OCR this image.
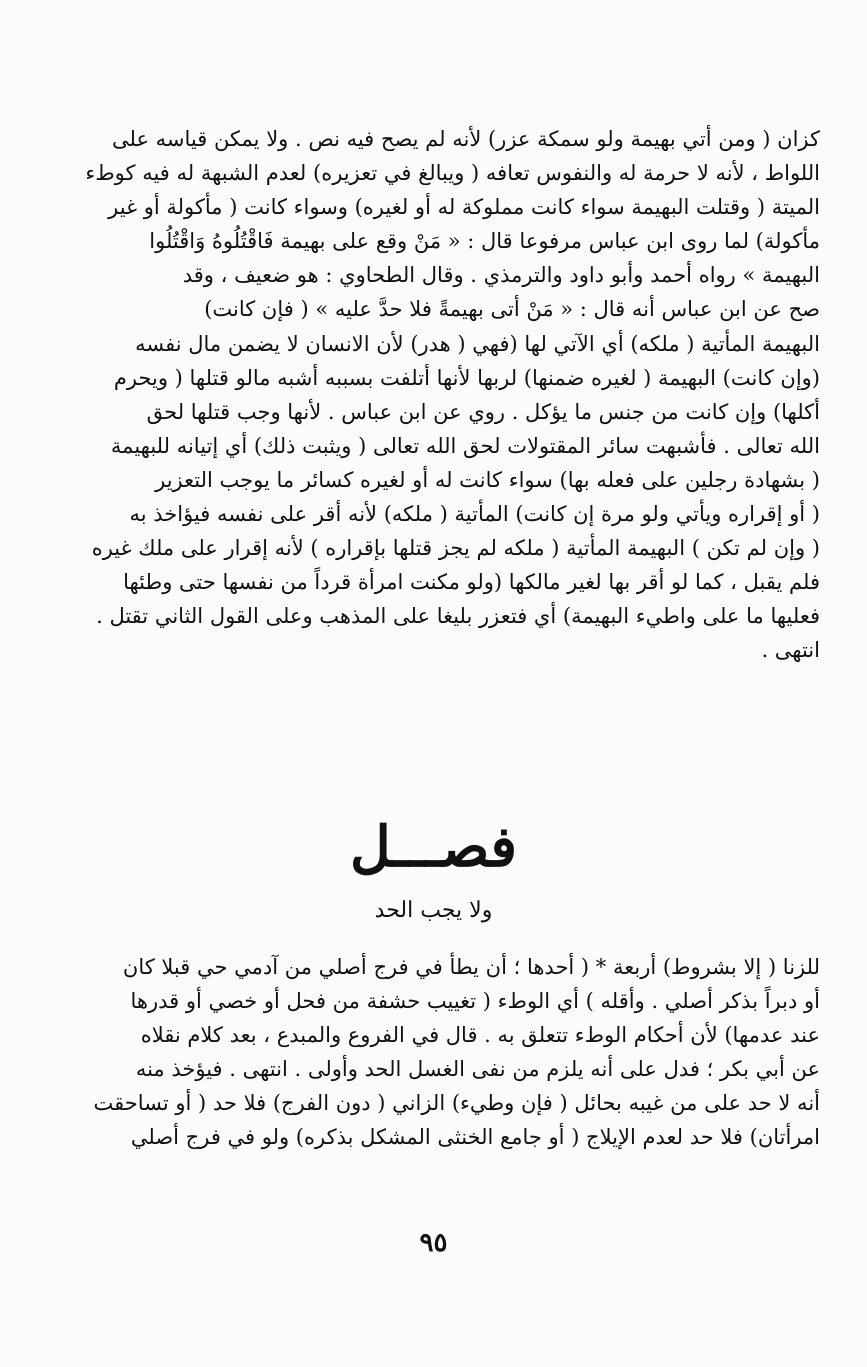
كزان ( ومن أتي بهيمة ولو سمكة عزر) لأنه لم يصح فيه نص . ولا يمكن قياسه على
اللواط ، لأنه لا حرمة له والنفوس تعافه ( ويبالغ في تعزيره) لعدم الشبهة له فيه كوطء
الميتة ( وقتلت البهيمة سواء كانت مملوكة له أو لغيره) وسواء كانت ( مأكولة أو غير
مأكولة) لما روى ابن عباس مرفوعا قال : « مَنْ وقع على بهيمة فَاقْتُلُوهُ وَاقْتُلُوا
البهيمة » رواه أحمد وأبو داود والترمذي . وقال الطحاوي : هو ضعيف ، وقد
صح عن ابن عباس أنه قال : « مَنْ أتى بهيمةً فلا حدَّ عليه » ( فإن كانت)
البهيمة المأتية ( ملكه) أي الآتي لها (ف‍هي ( هدر) لأن الانسان لا يضمن مال نفسه
(وإن كانت) البهيمة ( لغيره ضمنها) لربها لأنها أتلفت بسببه أشبه مالو قتلها ( ويحرم
أكلها) وإن كانت من جنس ما يؤكل . روي عن ابن عباس . لأنها وجب قتلها لحق
الله تعالى . فأشبهت سائر المقتولات لحق الله تعالى ( ويثبت ذلك) أي إتيانه للبهيمة
( بشهادة رجلين على فعله بها) سواء كانت له أو لغيره كسائر ما يوجب التعزير
( أو إقراره ويأتي ولو مرة إن كانت) المأتية ( ملكه) لأنه أقر على نفسه فيؤاخذ به
( وإن لم تكن ) البهيمة المأتية ( ملكه لم يجز قتلها بإقراره ) لأنه إقرار على ملك غيره
فلم يقبل ، كما لو أقر بها لغير مالكها (ولو مكنت امرأة قرداً من نفسها حتى وطئها
فعليها ما على واطيء البهيمة) أي فتعزر بليغا على المذهب وعلى القول الثاني تقتل .
انتهى .
فصـــل
ولا يجب الحد
للزنا ( إلا بشروط) أربعة * ( أحدها ؛ أن يطأ في فرج أصلي من آدمي حي قبلا كان
أو دبراً بذكر أصلي . وأقله ) أي الوطء ( تغييب حشفة من فحل أو خصي أو قدرها
عند عدمها) لأن أحكام الوطء تتعلق به . قال في الفروع والمبدع ، بعد كلام نقلاه
عن أبي بكر ؛ فدل على أنه يلزم من نفى الغسل الحد وأولى . انتهى . فيؤخذ منه
أنه لا حد على من غيبه بحائل ( فإن وطيء) الزاني ( دون الفرج) فلا حد ( أو تساحقت
امرأتان) فلا حد لعدم الإيلاج ( أو جامع الخنثى المشكل بذكره) ولو في فرج أصلي
٩٥
